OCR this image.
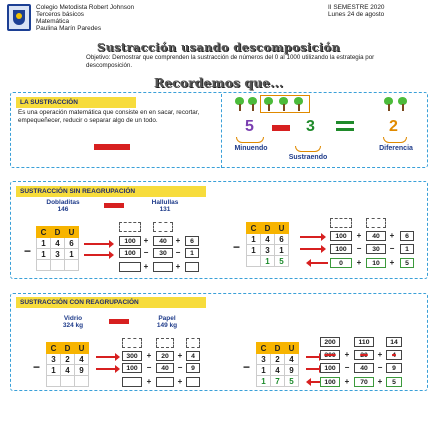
Colegio Metodista Robert Johnson
Terceros básicos
Matemática
Paulina Marín Paredes
II SEMESTRE 2020
Lunes 24 de agosto
Sustracción usando descomposición
Objetivo: Demostrar que comprenden la sustracción de números del 0 al 1000 utilizando la estrategia por descomposición.
Recordemos que...
LA SUSTRACCIÓN
Es una operación matemática que consiste en en sacar, recortar, empequeñecer, reducir o separar algo de un todo.	5	3	2
Minuendo
Sustraendo
Diferencia
SUSTRACCIÓN SIN REAGRUPACIÓN
Dobladitas
146
Hallullas
131
C	D	U
1	4	6
1	3	1

−
100 +	40	+	6
100 −	30	−	1
+	+
C	D	U
1	4	6
1	3	1
	1	5
−
100	+	40	+	6
100	−	30	−	1
0	+	10	+	5
SUSTRACCIÓN CON REAGRUPACIÓN
Vidrio
324 kg
Papel
149 kg
C	D	U
3	2	4
1	4	9

−
300	+	20	+	4
100	−	40	−	9
+	+
C	D	U
3	2	4
1	4	9
1	7	5
−
200	110	14
300	+	20	+	4
100	−	40	−	9
100	+	70	+	5
